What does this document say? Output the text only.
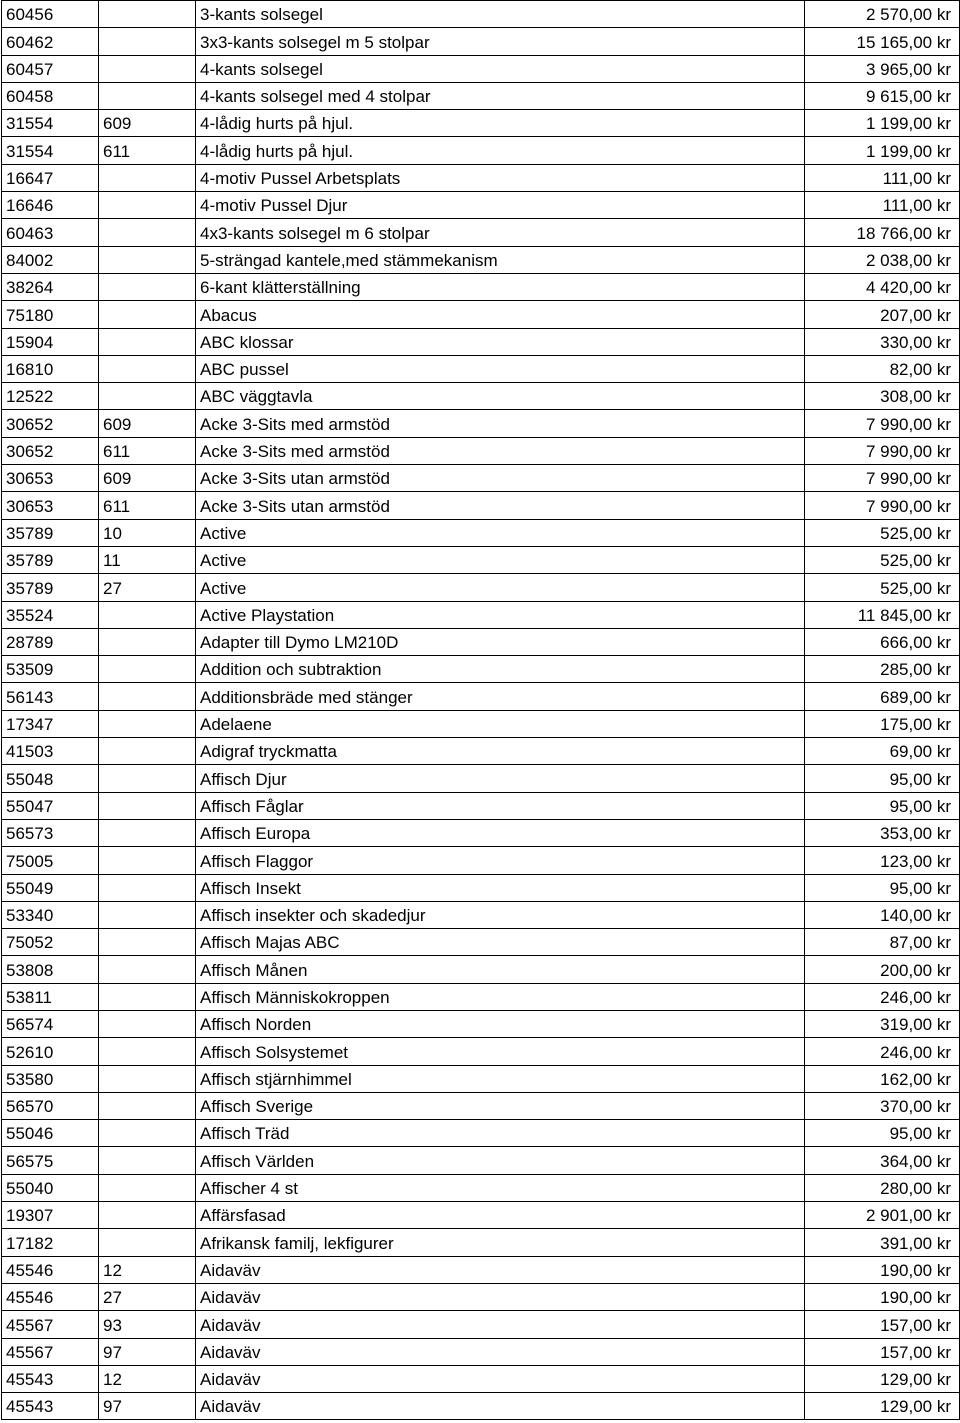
60456		3-kants solsegel	2 570,00 kr
60462		3x3-kants solsegel m 5 stolpar	15 165,00 kr
60457		4-kants solsegel	3 965,00 kr
60458		4-kants solsegel med 4 stolpar	9 615,00 kr
31554	609	4-lådig hurts på hjul.	1 199,00 kr
31554	611	4-lådig hurts på hjul.	1 199,00 kr
16647		4-motiv Pussel Arbetsplats	111,00 kr
16646		4-motiv Pussel Djur	111,00 kr
60463		4x3-kants solsegel m 6 stolpar	18 766,00 kr
84002		5-strängad kantele,med stämmekanism	2 038,00 kr
38264		6-kant klätterställning	4 420,00 kr
75180		Abacus	207,00 kr
15904		ABC klossar	330,00 kr
16810		ABC pussel	82,00 kr
12522		ABC väggtavla	308,00 kr
30652	609	Acke 3-Sits med armstöd	7 990,00 kr
30652	611	Acke 3-Sits med armstöd	7 990,00 kr
30653	609	Acke 3-Sits utan armstöd	7 990,00 kr
30653	611	Acke 3-Sits utan armstöd	7 990,00 kr
35789	10	Active	525,00 kr
35789	11	Active	525,00 kr
35789	27	Active	525,00 kr
35524		Active Playstation	11 845,00 kr
28789		Adapter till Dymo LM210D	666,00 kr
53509		Addition och subtraktion	285,00 kr
56143		Additionsbräde med stänger	689,00 kr
17347		Adelaene	175,00 kr
41503		Adigraf tryckmatta	69,00 kr
55048		Affisch Djur	95,00 kr
55047		Affisch Fåglar	95,00 kr
56573		Affisch Europa	353,00 kr
75005		Affisch Flaggor	123,00 kr
55049		Affisch Insekt	95,00 kr
53340		Affisch insekter och skadedjur	140,00 kr
75052		Affisch Majas ABC	87,00 kr
53808		Affisch Månen	200,00 kr
53811		Affisch Människokroppen	246,00 kr
56574		Affisch Norden	319,00 kr
52610		Affisch Solsystemet	246,00 kr
53580		Affisch stjärnhimmel	162,00 kr
56570		Affisch Sverige	370,00 kr
55046		Affisch Träd	95,00 kr
56575		Affisch Världen	364,00 kr
55040		Affischer 4 st	280,00 kr
19307		Affärsfasad	2 901,00 kr
17182		Afrikansk familj, lekfigurer	391,00 kr
45546	12	Aidaväv	190,00 kr
45546	27	Aidaväv	190,00 kr
45567	93	Aidaväv	157,00 kr
45567	97	Aidaväv	157,00 kr
45543	12	Aidaväv	129,00 kr
45543	97	Aidaväv	129,00 kr
